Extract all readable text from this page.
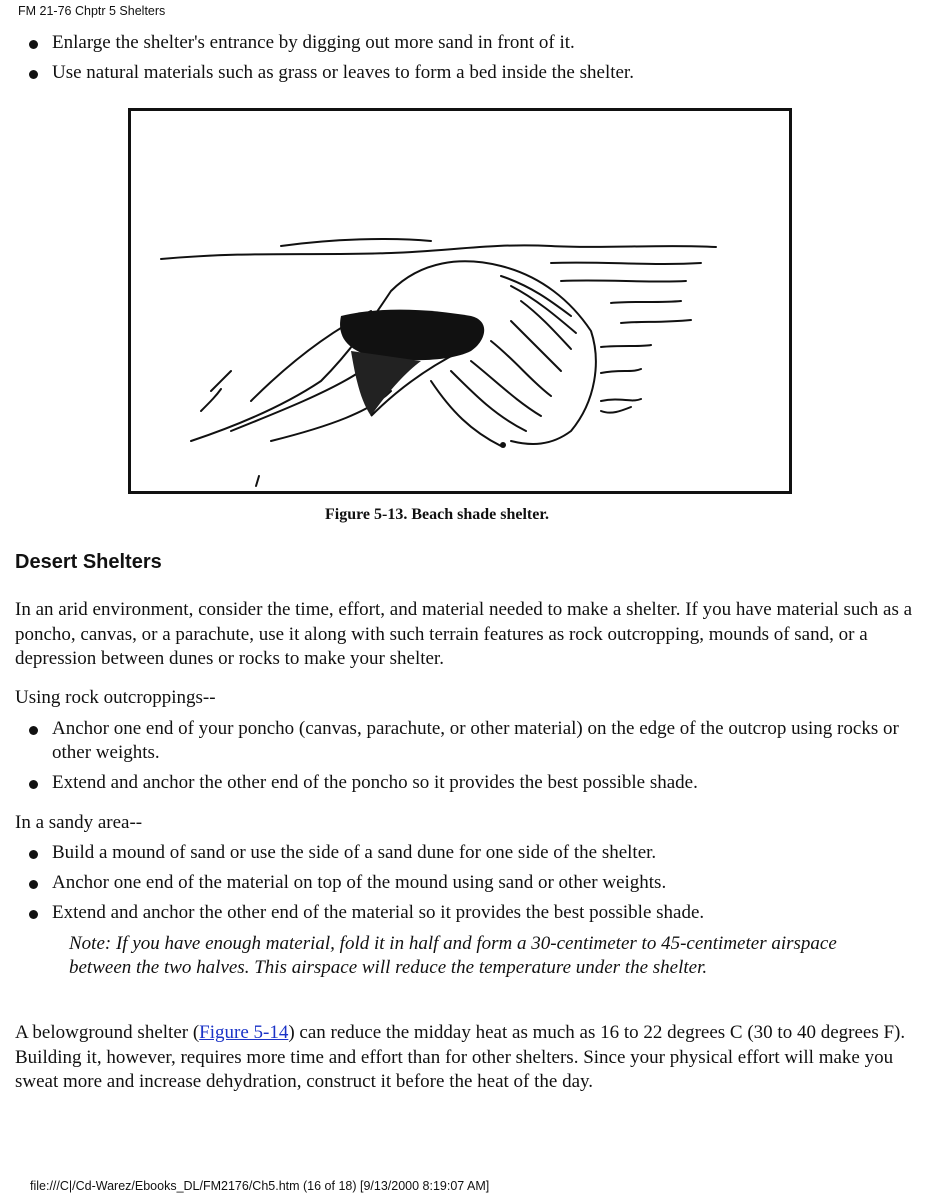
FM 21-76 Chptr 5 Shelters
Enlarge the shelter's entrance by digging out more sand in front of it.
Use natural materials such as grass or leaves to form a bed inside the shelter.
Figure 5-13. Beach shade shelter.
Desert Shelters

In an arid environment, consider the time, effort, and material needed to make a shelter. If you have material such as a poncho, canvas, or a parachute, use it along with such terrain features as rock outcropping, mounds of sand, or a depression between dunes or rocks to make your shelter.

Using rock outcroppings--

Anchor one end of your poncho (canvas, parachute, or other material) on the edge of the outcrop using rocks or other weights.
Extend and anchor the other end of the poncho so it provides the best possible shade.

In a sandy area--

Build a mound of sand or use the side of a sand dune for one side of the shelter.
Anchor one end of the material on top of the mound using sand or other weights.
Extend and anchor the other end of the material so it provides the best possible shade.
Note: If you have enough material, fold it in half and form a 30-centimeter to 45-centimeter airspace between the two halves. This airspace will reduce the temperature under the shelter.

A belowground shelter (Figure 5-14) can reduce the midday heat as much as 16 to 22 degrees C (30 to 40 degrees F). Building it, however, requires more time and effort than for other shelters. Since your physical effort will make you sweat more and increase dehydration, construct it before the heat of the day.

file:///C|/Cd-Warez/Ebooks_DL/FM2176/Ch5.htm (16 of 18) [9/13/2000 8:19:07 AM]
